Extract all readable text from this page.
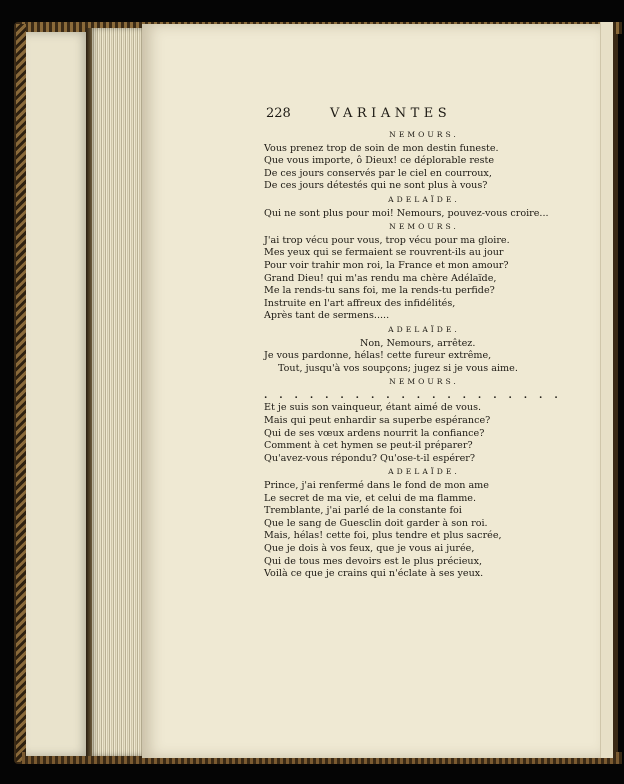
228	VARIANTES
NEMOURS.
Vous prenez trop de soin de mon destin funeste.
Que vous importe, ô Dieux! ce déplorable reste
De ces jours conservés par le ciel en courroux,
De ces jours détestés qui ne sont plus à vous?
ADELAÏDE.
Qui ne sont plus pour moi! Nemours, pouvez-vous croire...
NEMOURS.
J'ai trop vécu pour vous, trop vécu pour ma gloire.
Mes yeux qui se fermaient se rouvrent-ils au jour
Pour voir trahir mon roi, la France et mon amour?
Grand Dieu! qui m'as rendu ma chère Adélaïde,
Me la rends-tu sans foi, me la rends-tu perfide?
Instruite en l'art affreux des infidélités,
Après tant de sermens.....
ADELAÏDE.
Non, Nemours, arrêtez.
Je vous pardonne, hélas! cette fureur extrême,
Tout, jusqu'à vos soupçons; jugez si je vous aime.
NEMOURS.
. . . . . . . . . . . . . . . . . . . .
Et je suis son vainqueur, étant aimé de vous.
Mais qui peut enhardir sa superbe espérance?
Qui de ses vœux ardens nourrit la confiance?
Comment à cet hymen se peut-il préparer?
Qu'avez-vous répondu? Qu'ose-t-il espérer?
ADELAÏDE.
Prince, j'ai renfermé dans le fond de mon ame
Le secret de ma vie, et celui de ma flamme.
Tremblante, j'ai parlé de la constante foi
Que le sang de Guesclin doit garder à son roi.
Mais, hélas! cette foi, plus tendre et plus sacrée,
Que je dois à vos feux, que je vous ai jurée,
Qui de tous mes devoirs est le plus précieux,
Voilà ce que je crains qui n'éclate à ses yeux.
